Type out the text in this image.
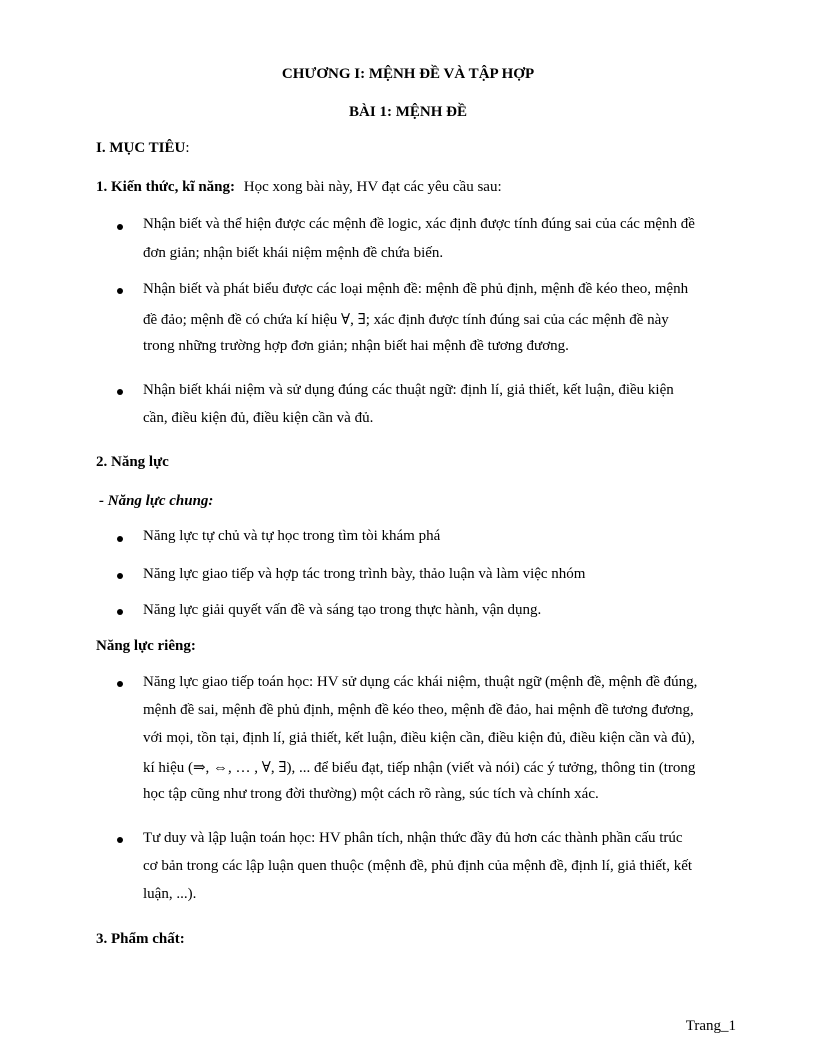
CHƯƠNG I: MỆNH ĐỀ VÀ TẬP HỢP
BÀI 1: MỆNH ĐỀ
I. MỤC TIÊU:
1. Kiến thức, kĩ năng: Học xong bài này, HV đạt các yêu cầu sau:
Nhận biết và thể hiện được các mệnh đề logic, xác định được tính đúng sai của các mệnh đề
đơn giản; nhận biết khái niệm mệnh đề chứa biến.
Nhận biết và phát biểu được các loại mệnh đề: mệnh đề phủ định, mệnh đề kéo theo, mệnh
đề đảo; mệnh đề có chứa kí hiệu ∀, ∃; xác định được tính đúng sai của các mệnh đề này
trong những trường hợp đơn giản; nhận biết hai mệnh đề tương đương.
Nhận biết khái niệm và sử dụng đúng các thuật ngữ: định lí, giả thiết, kết luận, điều kiện
cần, điều kiện đủ, điều kiện cần và đủ.
2. Năng lực
- Năng lực chung:
Năng lực tự chủ và tự học trong tìm tòi khám phá
Năng lực giao tiếp và hợp tác trong trình bày, thảo luận và làm việc nhóm
Năng lực giải quyết vấn đề và sáng tạo trong thực hành, vận dụng.
Năng lực riêng:
Năng lực giao tiếp toán học: HV sử dụng các khái niệm, thuật ngữ (mệnh đề, mệnh đề đúng,
mệnh đề sai, mệnh đề phủ định, mệnh đề kéo theo, mệnh đề đảo, hai mệnh đề tương đương,
với mọi, tồn tại, định lí, giả thiết, kết luận, điều kiện cần, điều kiện đủ, điều kiện cần và đủ),
kí hiệu (⇒, ⇔, … , ∀, ∃), ... để biểu đạt, tiếp nhận (viết và nói) các ý tưởng, thông tin (trong
học tập cũng như trong đời thường) một cách rõ ràng, súc tích và chính xác.
Tư duy và lập luận toán học: HV phân tích, nhận thức đầy đủ hơn các thành phần cấu trúc
cơ bản trong các lập luận quen thuộc (mệnh đề, phủ định của mệnh đề, định lí, giả thiết, kết
luận, ...).
3. Phẩm chất:
Trang_1
